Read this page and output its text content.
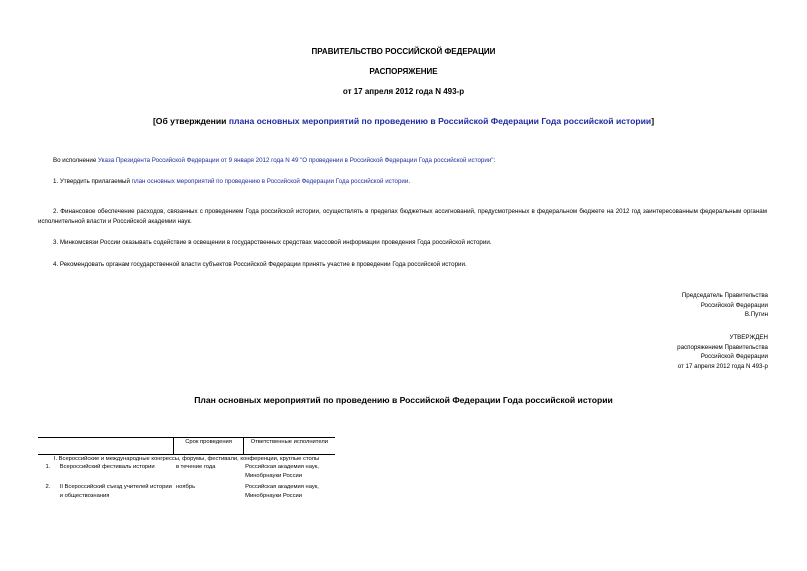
ПРАВИТЕЛЬСТВО РОССИЙСКОЙ ФЕДЕРАЦИИ
РАСПОРЯЖЕНИЕ
от 17 апреля 2012 года N 493-р
[Об утверждении плана основных мероприятий по проведению в Российской Федерации Года российской истории]
Во исполнение Указа Президента Российской Федерации от 9 января 2012 года N 49 "О проведении в Российской Федерации Года российской истории":
1. Утвердить прилагаемый план основных мероприятий по проведению в Российской Федерации Года российской истории.
2. Финансовое обеспечение расходов, связанных с проведением Года российской истории, осуществлять в пределах бюджетных ассигнований, предусмотренных в федеральном бюджете на 2012 год заинтересованным федеральным органам исполнительной власти и Российской академии наук.
3. Минкомсвязи России оказывать содействие в освещении в государственных средствах массовой информации проведения Года российской истории.
4. Рекомендовать органам государственной власти субъектов Российской Федерации принять участие в проведении Года российской истории.
Председатель Правительства
Российской Федерации
В.Путин
УТВЕРЖДЕН
распоряжением Правительства
Российской Федерации
от 17 апреля 2012 года N 493-р
План основных мероприятий по проведению в Российской Федерации Года российской истории
		Срок проведения	Ответственные исполнители
I. Всероссийские и международные конгрессы, форумы, фестивали, конференции, круглые столы			
1.	Всероссийский фестиваль истории	в течение года	Российская академия наук, Минобрнауки России
2.	II Всероссийский съезд учителей истории и обществознания	ноябрь	Российская академия наук, Минобрнауки России
